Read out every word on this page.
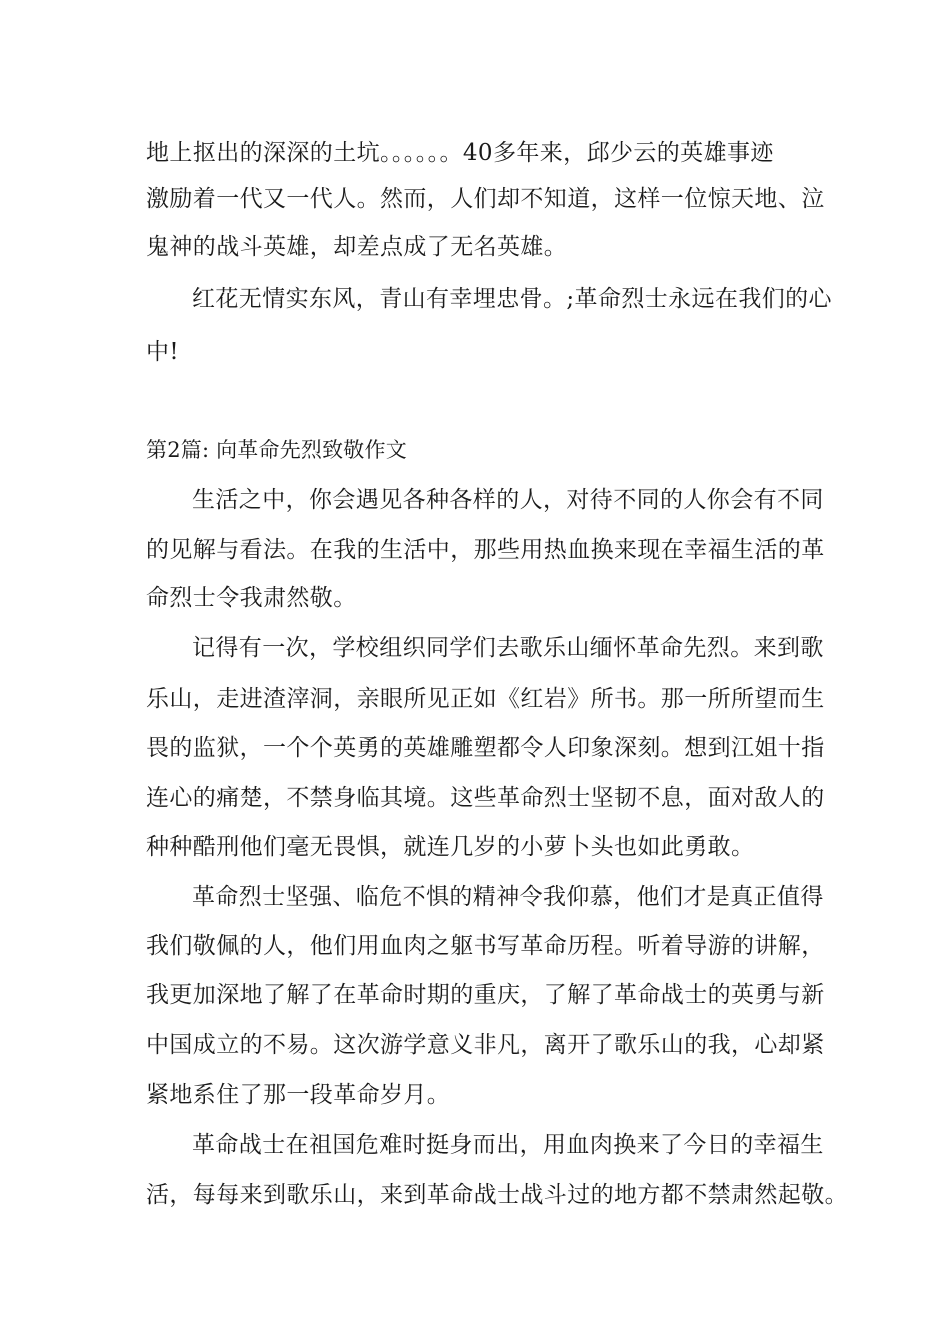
地上抠出的深深的土坑。。。。。。40多年来，邱少云的英雄事迹
激励着一代又一代人。然而，人们却不知道，这样一位惊天地、泣
鬼神的战斗英雄，却差点成了无名英雄。
红花无情实东风，青山有幸埋忠骨。;革命烈士永远在我们的心
中!
第2篇: 向革命先烈致敬作文
生活之中，你会遇见各种各样的人，对待不同的人你会有不同
的见解与看法。在我的生活中，那些用热血换来现在幸福生活的革
命烈士令我肃然敬。
记得有一次，学校组织同学们去歌乐山缅怀革命先烈。来到歌
乐山，走进渣滓洞，亲眼所见正如《红岩》所书。那一所所望而生
畏的监狱，一个个英勇的英雄雕塑都令人印象深刻。想到江姐十指
连心的痛楚，不禁身临其境。这些革命烈士坚韧不息，面对敌人的
种种酷刑他们毫无畏惧，就连几岁的小萝卜头也如此勇敢。
革命烈士坚强、临危不惧的精神令我仰慕，他们才是真正值得
我们敬佩的人，他们用血肉之躯书写革命历程。听着导游的讲解，
我更加深地了解了在革命时期的重庆，了解了革命战士的英勇与新
中国成立的不易。这次游学意义非凡，离开了歌乐山的我，心却紧
紧地系住了那一段革命岁月。
革命战士在祖国危难时挺身而出，用血肉换来了今日的幸福生
活，每每来到歌乐山，来到革命战士战斗过的地方都不禁肃然起敬。
